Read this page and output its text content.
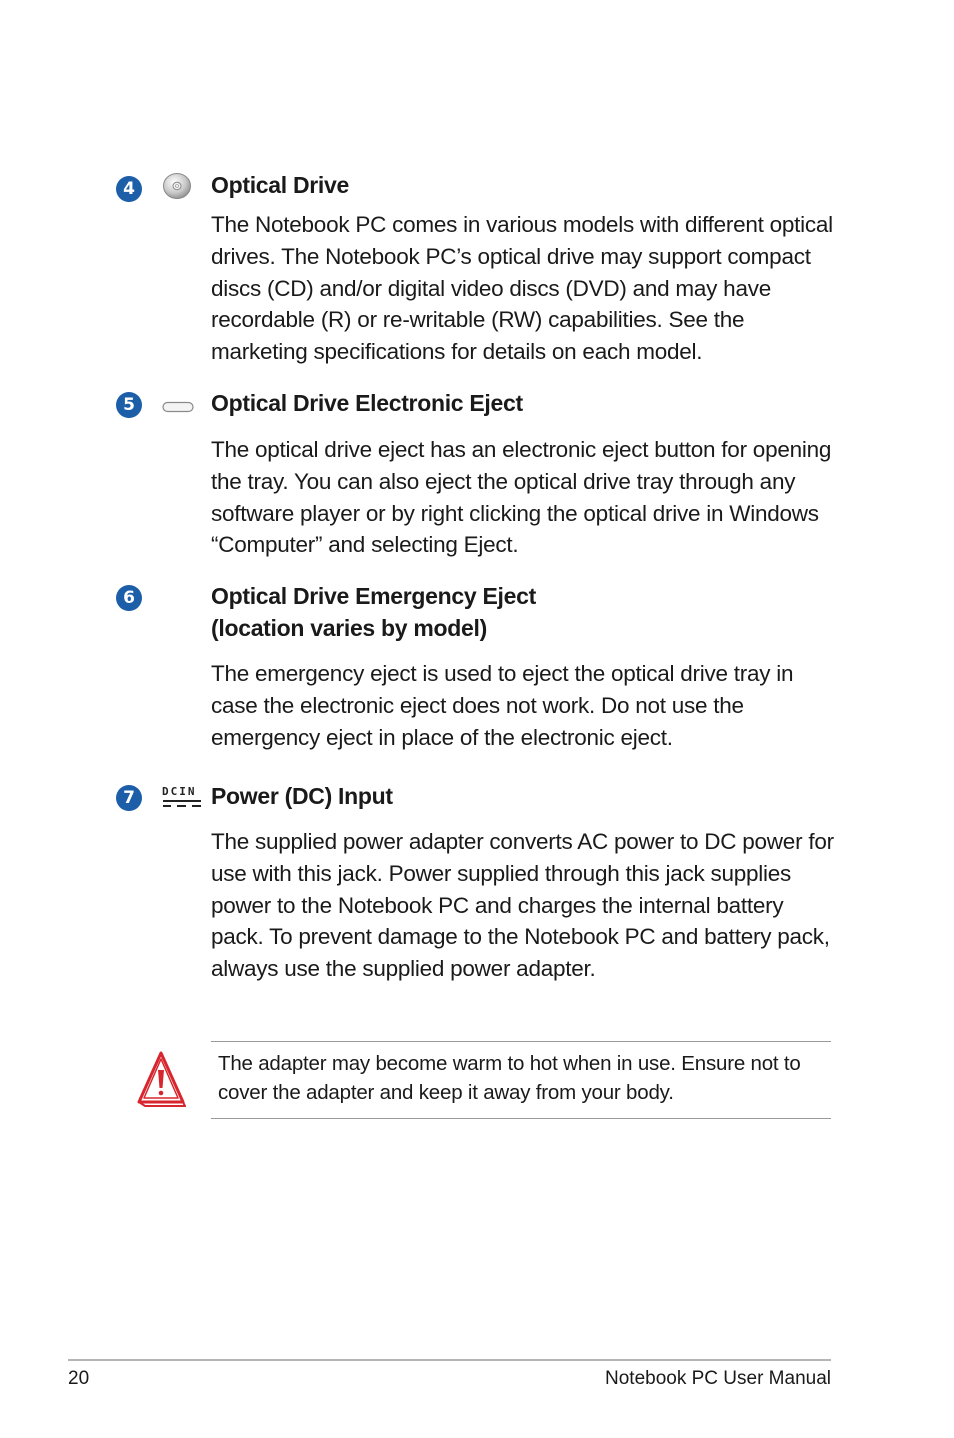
4	Optical Drive

The Notebook PC comes in various models with different optical drives. The Notebook PC’s optical drive may support compact discs (CD) and/or digital video discs (DVD) and may have recordable (R) or re-writable (RW) capabilities. See the marketing specifications for details on each model.

5	Optical Drive Electronic Eject

The optical drive eject has an electronic eject button for opening the tray. You can also eject the optical drive tray through any software player or by right clicking the optical drive in Windows “Computer” and selecting Eject.

6	Optical Drive Emergency Eject
(location varies by model)

The emergency eject is used to eject the optical drive tray in case the electronic eject does not work. Do not use the emergency eject in place of the electronic eject.

7	DCIN Power (DC) Input

The supplied power adapter converts AC power to DC power for use with this jack. Power supplied through this jack supplies power to the Notebook PC and charges the internal battery pack. To prevent damage to the Notebook PC and battery pack, always use the supplied power adapter.

The adapter may become warm to hot when in use. Ensure not to cover the adapter and keep it away from your body.
20	Notebook PC User Manual
